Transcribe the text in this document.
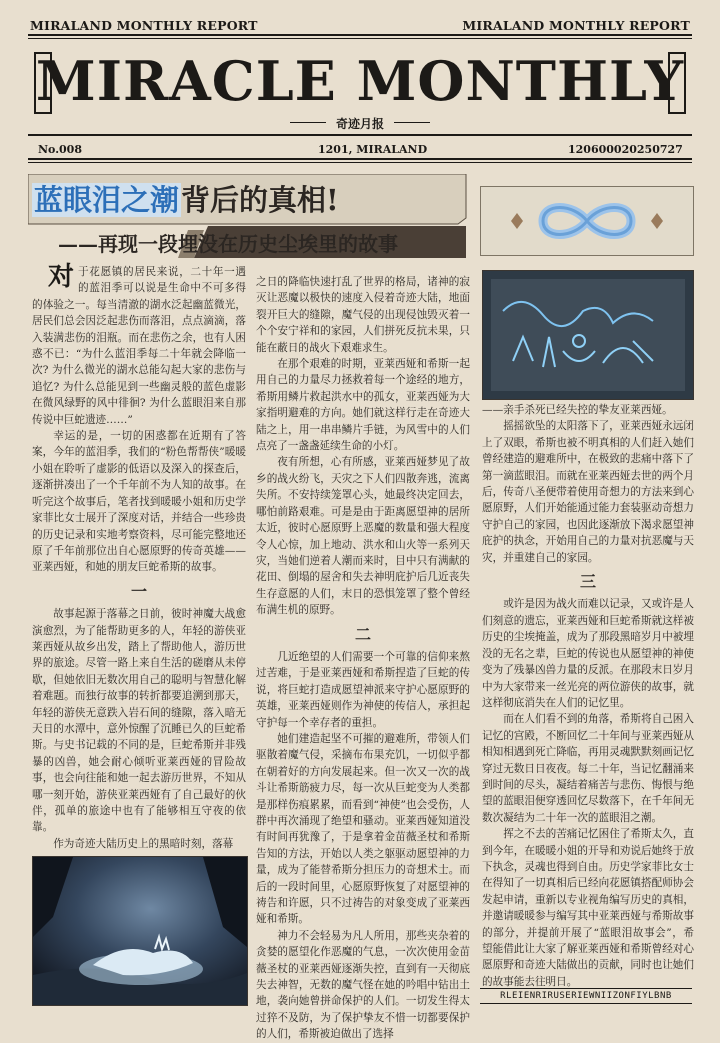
MIRALAND MONTHLY REPORT	MIRALAND MONTHLY REPORT
MIRACLE MONTHLY
奇迹月报
No.008	1201, MIRALAND	120600020250727
蓝眼泪之潮背后的真相!
——再现一段埋没在历史尘埃里的故事

对于花愿镇的居民来说，二十年一遇的蓝泪季可以说是生命中不可多得的体验之一。每当清澈的湖水泛起幽蓝微光，居民们总会因泛起悲伤而落泪，点点滴滴，落入装满悲伤的泪瓶。而在悲伤之余，也有人困惑不已：“为什么蓝泪季每二十年就会降临一次? 为什么微光的湖水总能勾起大家的悲伤与追忆? 为什么总能见到一些幽灵般的蓝色虚影在微风绿野的风中徘徊? 为什么蓝眼泪来自那传说中巨蛇遗迹……”

幸运的是，一切的困惑都在近期有了答案，今年的蓝泪季，我们的“粉色帮帮侠”暖暖小姐在聆听了虚影的低语以及深入的探查后，逐渐拼凑出了一个千年前不为人知的故事。在听完这个故事后，笔者找到暖暖小姐和历史学家菲比女士展开了深度对话，并结合一些珍贵的历史记录和实地考察资料，尽可能完整地还原了千年前那位出自心愿原野的传奇英雄——亚莱西娅，和她的朋友巨蛇希斯的故事。

一

故事起源于落幕之日前，彼时神魔大战愈演愈烈，为了能帮助更多的人，年轻的游侠亚莱西娅从故乡出发，踏上了帮助他人，游历世界的旅途。尽管一路上来自生活的磋磨从未停歇，但她依旧无数次用自己的聪明与智慧化解着难题。而独行故事的转折都要追溯到那天，年轻的游侠无意跌入岩石间的缝隙，落入暗无天日的水潭中，意外惊醒了沉睡已久的巨蛇希斯。与史书记载的不同的是，巨蛇希斯并非残暴的凶兽，她会耐心倾听亚莱西娅的冒险故事，也会向往能和她一起去游历世界，不知从哪一刻开始，游侠亚莱西娅有了自己最好的伙伴，孤单的旅途中也有了能够相互守夜的依靠。

作为奇迹大陆历史上的黑暗时刻，落幕

之日的降临快速打乱了世界的格局，诸神的寂灭让恶魔以极快的速度入侵着奇迹大陆，地面裂开巨大的缝隙，魔气侵的出现侵蚀毁灭着一个个安宁祥和的家园，人们拼死反抗未果，只能在蔽日的战火下艰难求生。

在那个艰难的时期，亚莱西娅和希斯一起用自己的力量尽力拯救着每一个途经的地方，希斯用鳞片救起洪水中的孤女，亚莱西娅为大家指明避难的方向。她们就这样行走在奇迹大陆之上，用一串串鳞片手链，为风雪中的人们点亮了一盏盏延续生命的小灯。

夜有所想，心有所感，亚莱西娅梦见了故乡的战火纷飞，天灾之下人们四散奔逃，流离失所。不安持续笼罩心头，她最终决定回去，哪怕前路艰难。可是是由于距离愿望神的居所太近，彼时心愿原野上恶魔的数量和强大程度令人心惊，加上地动、洪水和山火等一系列天灾，当她们逆着人潮而来时，目中只有满献的花田、倒塌的屋舍和失去神明庇护后几近丧失生存意愿的人们，末日的恐惧笼罩了整个曾经布满生机的原野。

二

几近绝望的人们需要一个可靠的信仰来熬过苦难，于是亚莱西娅和希斯捏造了巨蛇的传说，将巨蛇打造成愿望神派来守护心愿原野的英雄，亚莱西娅则作为神使的传信人，承担起守护每一个幸存者的重担。

她们建造起坚不可摧的避难所，带领人们驱散着魔气侵，采摘布布果充饥，一切似乎都在朝着好的方向发展起来。但一次又一次的战斗让希斯筋疲力尽，每一次从巨蛇变为人类都是那样伤痕累累，而看到“神使”也会受伤，人群中再次涌现了绝望和骚动。亚莱西娅知道没有时间再犹豫了，于是拿着金苗薇圣杖和希斯告知的方法，开始以人类之躯驱动愿望神的力量，成为了能替希斯分担压力的奇想术士。而后的一段时间里，心愿原野恢复了对愿望神的祷告和许愿，只不过祷告的对象变成了亚莱西娅和希斯。

神力不会轻易为凡人所用，那些夹杂着的贪婪的愿望化作恶魔的气息，一次次使用金苗薇圣杖的亚莱西娅逐渐失控，直到有一天彻底失去神智，无数的魔气怪在她的吟唱中钻出土地，袭向她曾拼命保护的人们。一切发生得太过猝不及防，为了保护挚友不惜一切都要保护的人们，希斯被迫做出了选择

——亲手杀死已经失控的挚友亚莱西娅。

摇摇欲坠的太阳落下了，亚莱西娅永远闭上了双眼，希斯也被不明真相的人们赶入她们曾经建造的避难所中，在极致的悲痛中落下了第一滴蓝眼泪。而就在亚莱西娅去世的两个月后，传奇八圣便带着使用奇想力的方法来到心愿原野，人们开始能通过能力套装驱动奇想力守护自己的家园，也因此逐渐放下渴求愿望神庇护的执念，开始用自己的力量对抗恶魔与天灾，并重建自己的家园。

三

或许是因为战火而难以记录，又或许是人们刻意的遗忘，亚莱西娅和巨蛇希斯就这样被历史的尘埃掩盖，成为了那段黑暗岁月中被埋没的无名之辈，巨蛇的传说也从愿望神的神使变为了残暴凶兽力量的反派。在那段末日岁月中为大家带来一丝光亮的两位游侠的故事，就这样彻底消失在人们的记忆里。

而在人们看不到的角落，希斯将自己困入记忆的宫殿，不断回忆二十年间与亚莱西娅从相知相遇到死亡降临，再用灵魂默默刻画记忆穿过无数日日夜夜。每二十年，当记忆翻涌来到时间的尽头，凝结着痛苦与悲伤、悔恨与绝望的蓝眼泪便穿透回忆尽数落下，在千年间无数次凝结为二十年一次的蓝眼泪之潮。

挥之不去的苦痛记忆困住了希斯太久，直到今年，在暖暖小姐的开导和劝说后她终于放下执念，灵魂也得到自由。历史学家菲比女士在得知了一切真相后已经向花愿镇搭配师协会发起申请，重新以专业视角编写历史的真相，并邀请暖暖参与编写其中亚莱西娅与希斯故事的部分，并提前开展了“蓝眼泪故事会”，希望能借此让大家了解亚莱西娅和希斯曾经对心愿原野和奇迹大陆做出的贡献，同时也让她们的故事能去往明日。

RLEIENRIRUSERIEWNIIZONFIYLBNB
